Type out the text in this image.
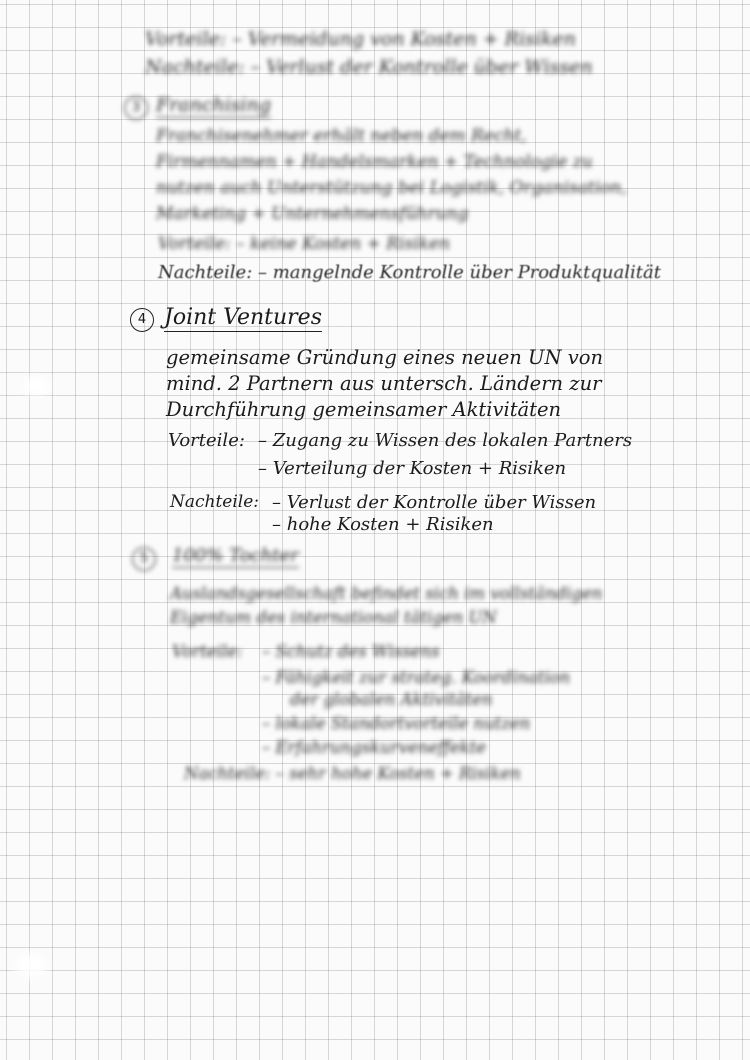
Vorteile: – Vermeidung von Kosten + Risiken
Nachteile: – Verlust der Kontrolle über Wissen
3 Franchising
Franchisenehmer erhält neben dem Recht,
Firmennamen + Handelsmarken + Technologie zu
nutzen auch Unterstützung bei Logistik, Organisation,
Marketing + Unternehmensführung
Vorteile: – keine Kosten + Risiken
Nachteile: – mangelnde Kontrolle über Produktqualität
4 Joint Ventures
gemeinsame Gründung eines neuen UN von
mind. 2 Partnern aus untersch. Ländern zur
Durchführung gemeinsamer Aktivitäten
Vorteile: – Zugang zu Wissen des lokalen Partners
– Verteilung der Kosten + Risiken
Nachteile: – Verlust der Kontrolle über Wissen
– hohe Kosten + Risiken
5	100% Tochter
Auslandsgesellschaft befindet sich im vollständigen
Eigentum des international tätigen UN
Vorteile: – Schutz des Wissens
– Fähigkeit zur strateg. Koordination
der globalen Aktivitäten
– lokale Standortvorteile nutzen
– Erfahrungskurveneffekte
Nachteile: – sehr hohe Kosten + Risiken
